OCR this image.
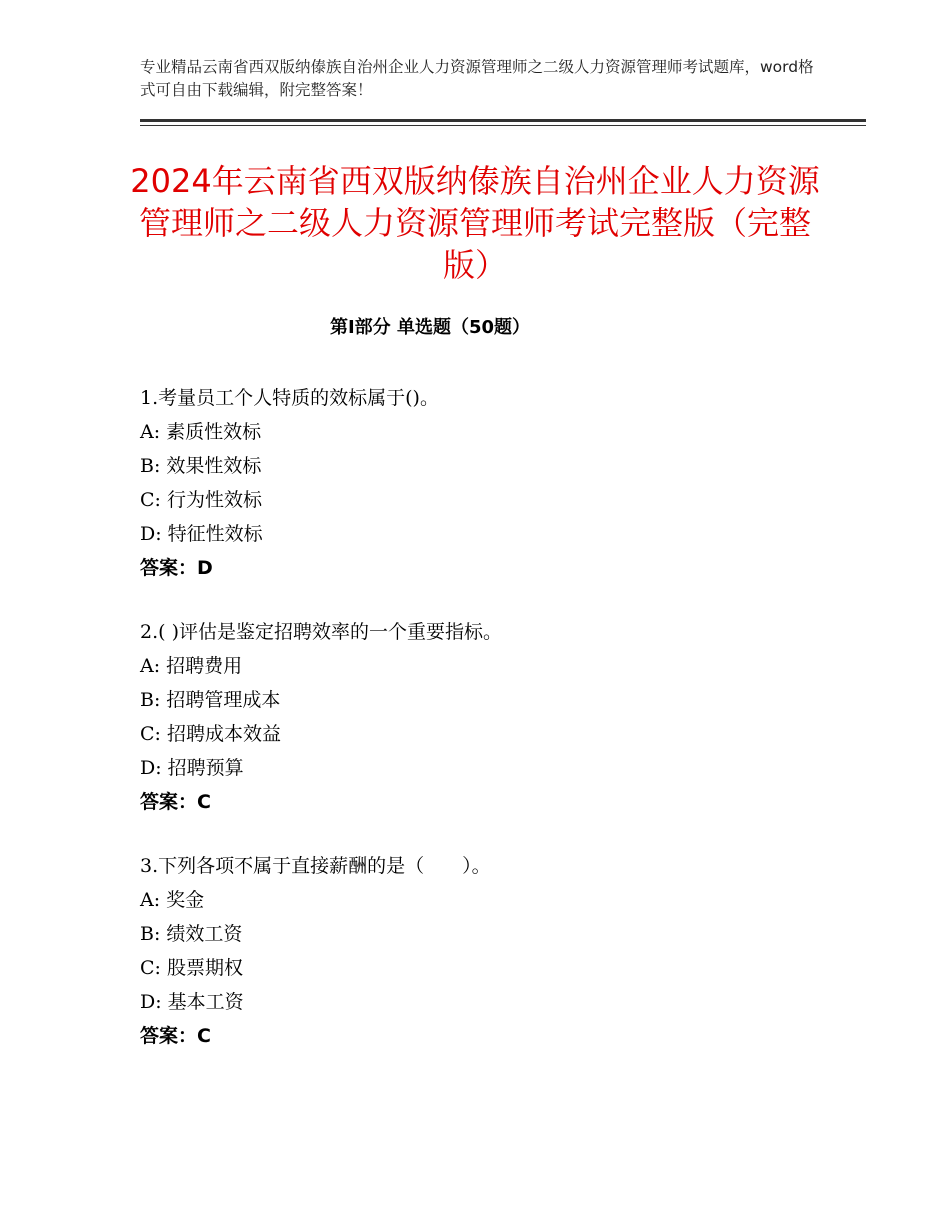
专业精品云南省西双版纳傣族自治州企业人力资源管理师之二级人力资源管理师考试题库，word格式可自由下载编辑，附完整答案！
2024年云南省西双版纳傣族自治州企业人力资源管理师之二级人力资源管理师考试完整版（完整版）
第Ⅰ部分 单选题（50题）
1.考量员工个人特质的效标属于()。
A: 素质性效标
B: 效果性效标
C: 行为性效标
D: 特征性效标
答案：D
2.( )评估是鉴定招聘效率的一个重要指标。
A: 招聘费用
B: 招聘管理成本
C: 招聘成本效益
D: 招聘预算
答案：C
3.下列各项不属于直接薪酬的是（　　）。
A: 奖金
B: 绩效工资
C: 股票期权
D: 基本工资
答案：C
